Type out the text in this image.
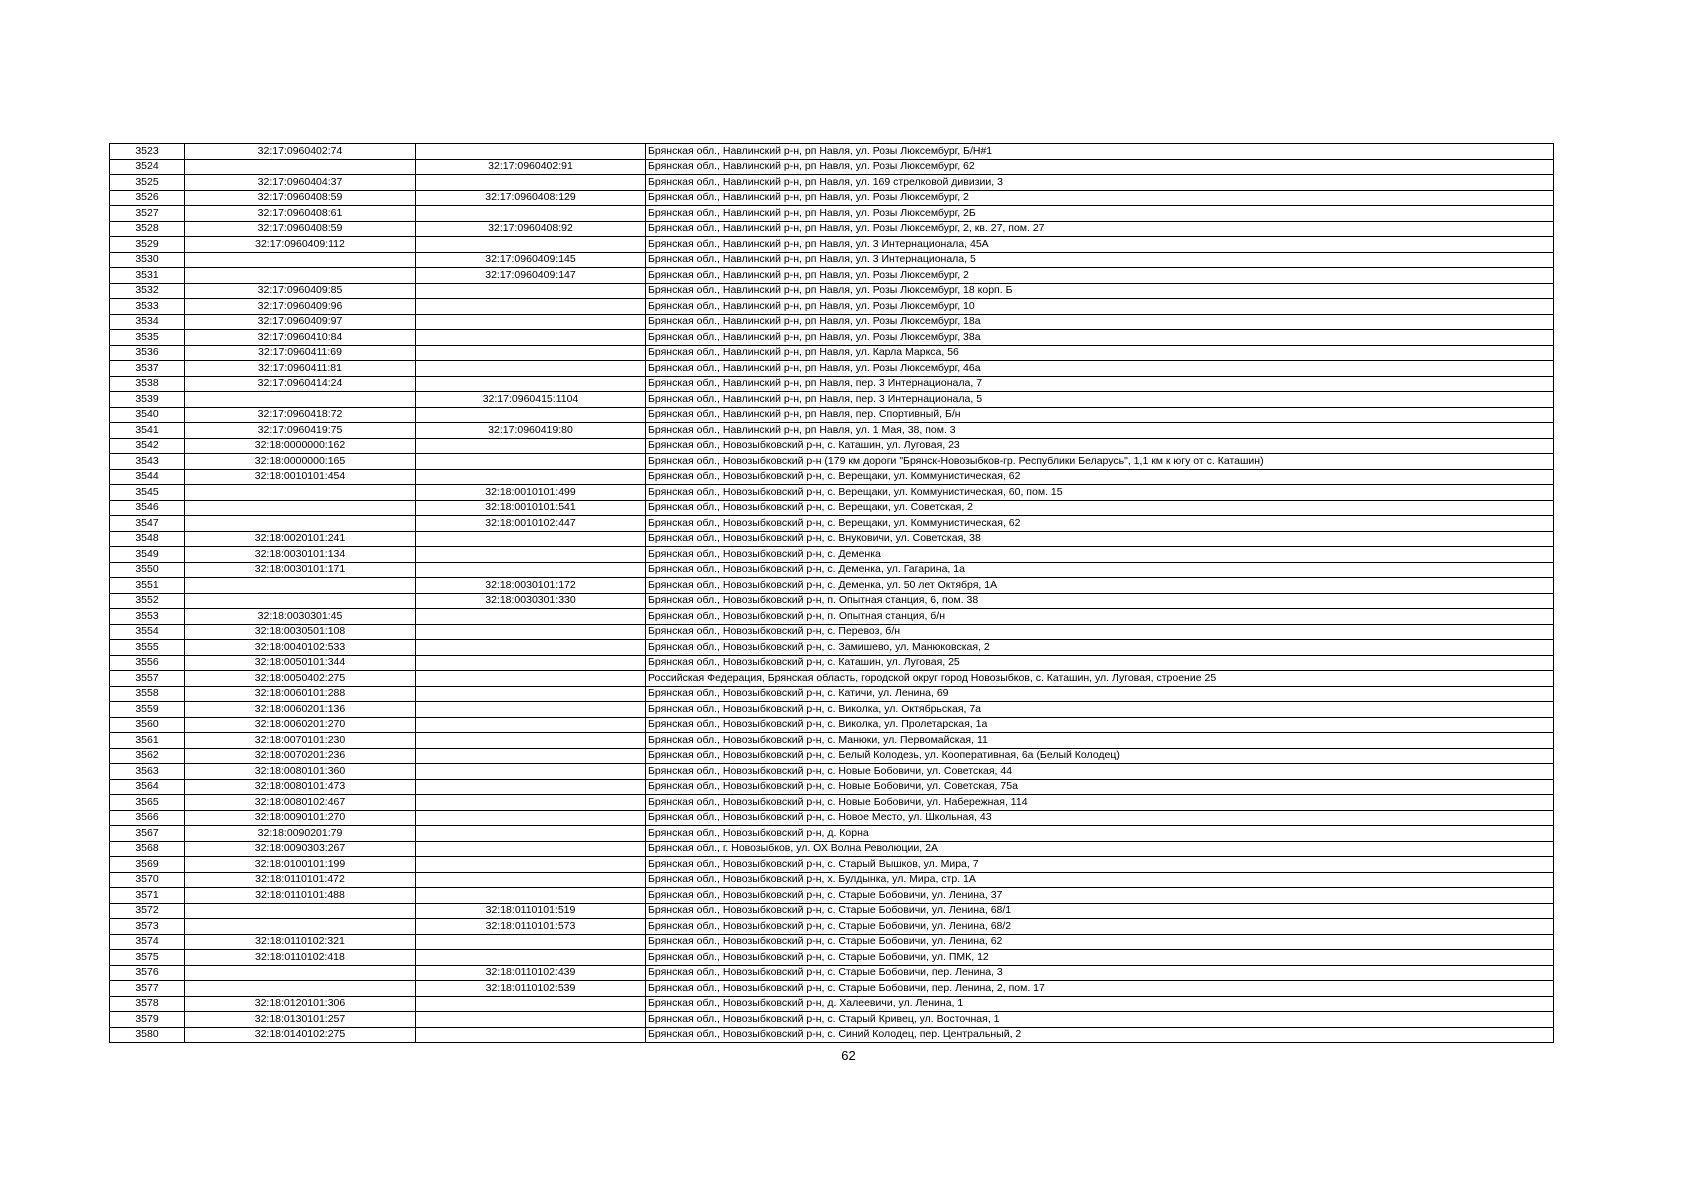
3523	32:17:0960402:74		Брянская обл., Навлинский р-н, рп Навля, ул. Розы Люксембург, Б/Н#1
3524		32:17:0960402:91	Брянская обл., Навлинский р-н, рп Навля, ул. Розы Люксембург, 62
3525	32:17:0960404:37		Брянская обл., Навлинский р-н, рп Навля, ул. 169 стрелковой дивизии, 3
3526	32:17:0960408:59	32:17:0960408:129	Брянская обл., Навлинский р-н, рп Навля, ул. Розы Люксембург, 2
3527	32:17:0960408:61		Брянская обл., Навлинский р-н, рп Навля, ул. Розы Люксембург, 2Б
3528	32:17:0960408:59	32:17:0960408:92	Брянская обл., Навлинский р-н, рп Навля, ул. Розы Люксембург, 2, кв. 27, пом. 27
3529	32:17:0960409:112		Брянская обл., Навлинский р-н, рп Навля, ул. 3 Интернационала, 45А
3530		32:17:0960409:145	Брянская обл., Навлинский р-н, рп Навля, ул. 3 Интернационала, 5
3531		32:17:0960409:147	Брянская обл., Навлинский р-н, рп Навля, ул. Розы Люксембург, 2
3532	32:17:0960409:85		Брянская обл., Навлинский р-н, рп Навля, ул. Розы Люксембург, 18 корп. Б
3533	32:17:0960409:96		Брянская обл., Навлинский р-н, рп Навля, ул. Розы Люксембург, 10
3534	32:17:0960409:97		Брянская обл., Навлинский р-н, рп Навля, ул. Розы Люксембург, 18а
3535	32:17:0960410:84		Брянская обл., Навлинский р-н, рп Навля, ул. Розы Люксембург, 38а
3536	32:17:0960411:69		Брянская обл., Навлинский р-н, рп Навля, ул. Карла Маркса, 56
3537	32:17:0960411:81		Брянская обл., Навлинский р-н, рп Навля, ул. Розы Люксембург, 46а
3538	32:17:0960414:24		Брянская обл., Навлинский р-н, рп Навля, пер. 3 Интернационала, 7
3539		32:17:0960415:1104	Брянская обл., Навлинский р-н, рп Навля, пер. 3 Интернационала, 5
3540	32:17:0960418:72		Брянская обл., Навлинский р-н, рп Навля, пер. Спортивный, Б/н
3541	32:17:0960419:75	32:17:0960419:80	Брянская обл., Навлинский р-н, рп Навля, ул. 1 Мая, 38, пом. 3
3542	32:18:0000000:162		Брянская обл., Новозыбковский р-н, с. Каташин, ул. Луговая, 23
3543	32:18:0000000:165		Брянская обл., Новозыбковский р-н (179 км дороги "Брянск-Новозыбков-гр. Республики Беларусь", 1,1 км к югу от с. Каташин)
3544	32:18:0010101:454		Брянская обл., Новозыбковский р-н, с. Верещаки, ул. Коммунистическая, 62
3545		32:18:0010101:499	Брянская обл., Новозыбковский р-н, с. Верещаки, ул. Коммунистическая, 60, пом. 15
3546		32:18:0010101:541	Брянская обл., Новозыбковский р-н, с. Верещаки, ул. Советская, 2
3547		32:18:0010102:447	Брянская обл., Новозыбковский р-н, с. Верещаки, ул. Коммунистическая, 62
3548	32:18:0020101:241		Брянская обл., Новозыбковский р-н, с. Внуковичи, ул. Советская, 38
3549	32:18:0030101:134		Брянская обл., Новозыбковский р-н, с. Деменка
3550	32:18:0030101:171		Брянская обл., Новозыбковский р-н, с. Деменка, ул. Гагарина, 1а
3551		32:18:0030101:172	Брянская обл., Новозыбковский р-н, с. Деменка, ул. 50 лет Октября, 1А
3552		32:18:0030301:330	Брянская обл., Новозыбковский р-н, п. Опытная станция, 6, пом. 38
3553	32:18:0030301:45		Брянская обл., Новозыбковский р-н, п. Опытная станция, б/н
3554	32:18:0030501:108		Брянская обл., Новозыбковский р-н, с. Перевоз, б/н
3555	32:18:0040102:533		Брянская обл., Новозыбковский р-н, с. Замишево, ул. Манюковская, 2
3556	32:18:0050101:344		Брянская обл., Новозыбковский р-н, с. Каташин, ул. Луговая, 25
3557	32:18:0050402:275		Российская Федерация, Брянская область, городской округ город Новозыбков, с. Каташин, ул. Луговая, строение 25
3558	32:18:0060101:288		Брянская обл., Новозыбковский р-н, с. Катичи, ул. Ленина, 69
3559	32:18:0060201:136		Брянская обл., Новозыбковский р-н, с. Виколка, ул. Октябрьская, 7а
3560	32:18:0060201:270		Брянская обл., Новозыбковский р-н, с. Виколка, ул. Пролетарская, 1а
3561	32:18:0070101:230		Брянская обл., Новозыбковский р-н, с. Манюки, ул. Первомайская, 11
3562	32:18:0070201:236		Брянская обл., Новозыбковский р-н, с. Белый Колодезь, ул. Кооперативная, 6а (Белый Колодец)
3563	32:18:0080101:360		Брянская обл., Новозыбковский р-н, с. Новые Бобовичи, ул. Советская, 44
3564	32:18:0080101:473		Брянская обл., Новозыбковский р-н, с. Новые Бобовичи, ул. Советская, 75а
3565	32:18:0080102:467		Брянская обл., Новозыбковский р-н, с. Новые Бобовичи, ул. Набережная, 114
3566	32:18:0090101:270		Брянская обл., Новозыбковский р-н, с. Новое Место, ул. Школьная, 43
3567	32:18:0090201:79		Брянская обл., Новозыбковский р-н, д. Корна
3568	32:18:0090303:267		Брянская обл., г. Новозыбков, ул. ОХ Волна Революции, 2А
3569	32:18:0100101:199		Брянская обл., Новозыбковский р-н, с. Старый Вышков, ул. Мира, 7
3570	32:18:0110101:472		Брянская обл., Новозыбковский р-н, х. Булдынка, ул. Мира, стр. 1А
3571	32:18:0110101:488		Брянская обл., Новозыбковский р-н, с. Старые Бобовичи, ул. Ленина, 37
3572		32:18:0110101:519	Брянская обл., Новозыбковский р-н, с. Старые Бобовичи, ул. Ленина, 68/1
3573		32:18:0110101:573	Брянская обл., Новозыбковский р-н, с. Старые Бобовичи, ул. Ленина, 68/2
3574	32:18:0110102:321		Брянская обл., Новозыбковский р-н, с. Старые Бобовичи, ул. Ленина, 62
3575	32:18:0110102:418		Брянская обл., Новозыбковский р-н, с. Старые Бобовичи, ул. ПМК, 12
3576		32:18:0110102:439	Брянская обл., Новозыбковский р-н, с. Старые Бобовичи, пер. Ленина, 3
3577		32:18:0110102:539	Брянская обл., Новозыбковский р-н, с. Старые Бобовичи, пер. Ленина, 2, пом. 17
3578	32:18:0120101:306		Брянская обл., Новозыбковский р-н, д. Халеевичи, ул. Ленина, 1
3579	32:18:0130101:257		Брянская обл., Новозыбковский р-н, с. Старый Кривец, ул. Восточная, 1
3580	32:18:0140102:275		Брянская обл., Новозыбковский р-н, с. Синий Колодец, пер. Центральный, 2
62
